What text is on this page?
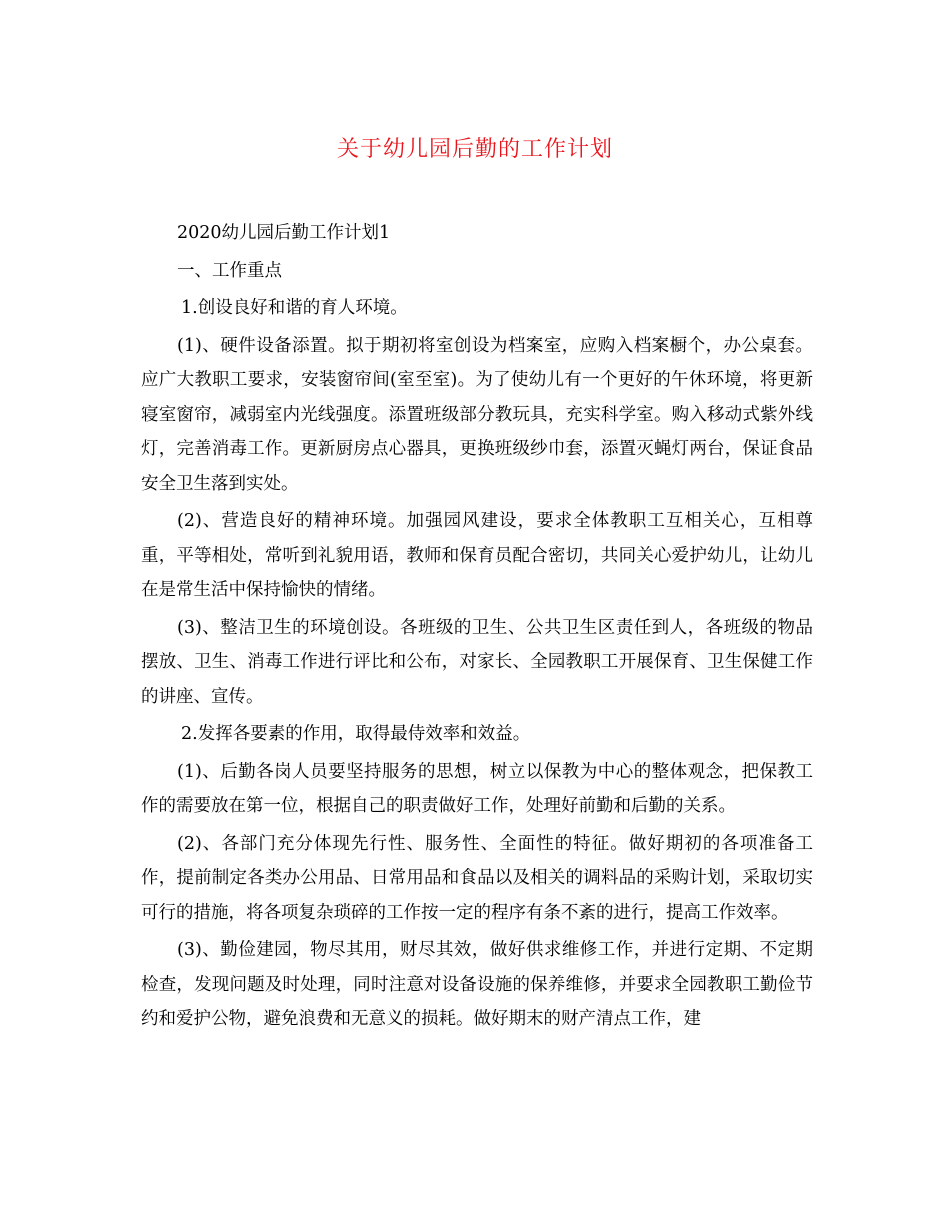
关于幼儿园后勤的工作计划

2020幼儿园后勤工作计划1

一、工作重点

1.创设良好和谐的育人环境。

(1)、硬件设备添置。拟于期初将室创设为档案室，应购入档案橱个，办公桌套。应广大教职工要求，安装窗帘间(室至室)。为了使幼儿有一个更好的午休环境，将更新寝室窗帘，减弱室内光线强度。添置班级部分教玩具，充实科学室。购入移动式紫外线灯，完善消毒工作。更新厨房点心器具，更换班级纱巾套，添置灭蝇灯两台，保证食品安全卫生落到实处。

(2)、营造良好的精神环境。加强园风建设，要求全体教职工互相关心，互相尊重，平等相处，常听到礼貌用语，教师和保育员配合密切，共同关心爱护幼儿，让幼儿在是常生活中保持愉快的情绪。

(3)、整洁卫生的环境创设。各班级的卫生、公共卫生区责任到人，各班级的物品摆放、卫生、消毒工作进行评比和公布，对家长、全园教职工开展保育、卫生保健工作的讲座、宣传。

2.发挥各要素的作用，取得最侍效率和效益。

(1)、后勤各岗人员要坚持服务的思想，树立以保教为中心的整体观念，把保教工作的需要放在第一位，根据自己的职责做好工作，处理好前勤和后勤的关系。

(2)、各部门充分体现先行性、服务性、全面性的特征。做好期初的各项准备工作，提前制定各类办公用品、日常用品和食品以及相关的调料品的采购计划，采取切实可行的措施，将各项复杂琐碎的工作按一定的程序有条不紊的进行，提高工作效率。

(3)、勤俭建园，物尽其用，财尽其效，做好供求维修工作，并进行定期、不定期检查，发现问题及时处理，同时注意对设备设施的保养维修，并要求全园教职工勤俭节约和爱护公物，避免浪费和无意义的损耗。做好期末的财产清点工作，建
